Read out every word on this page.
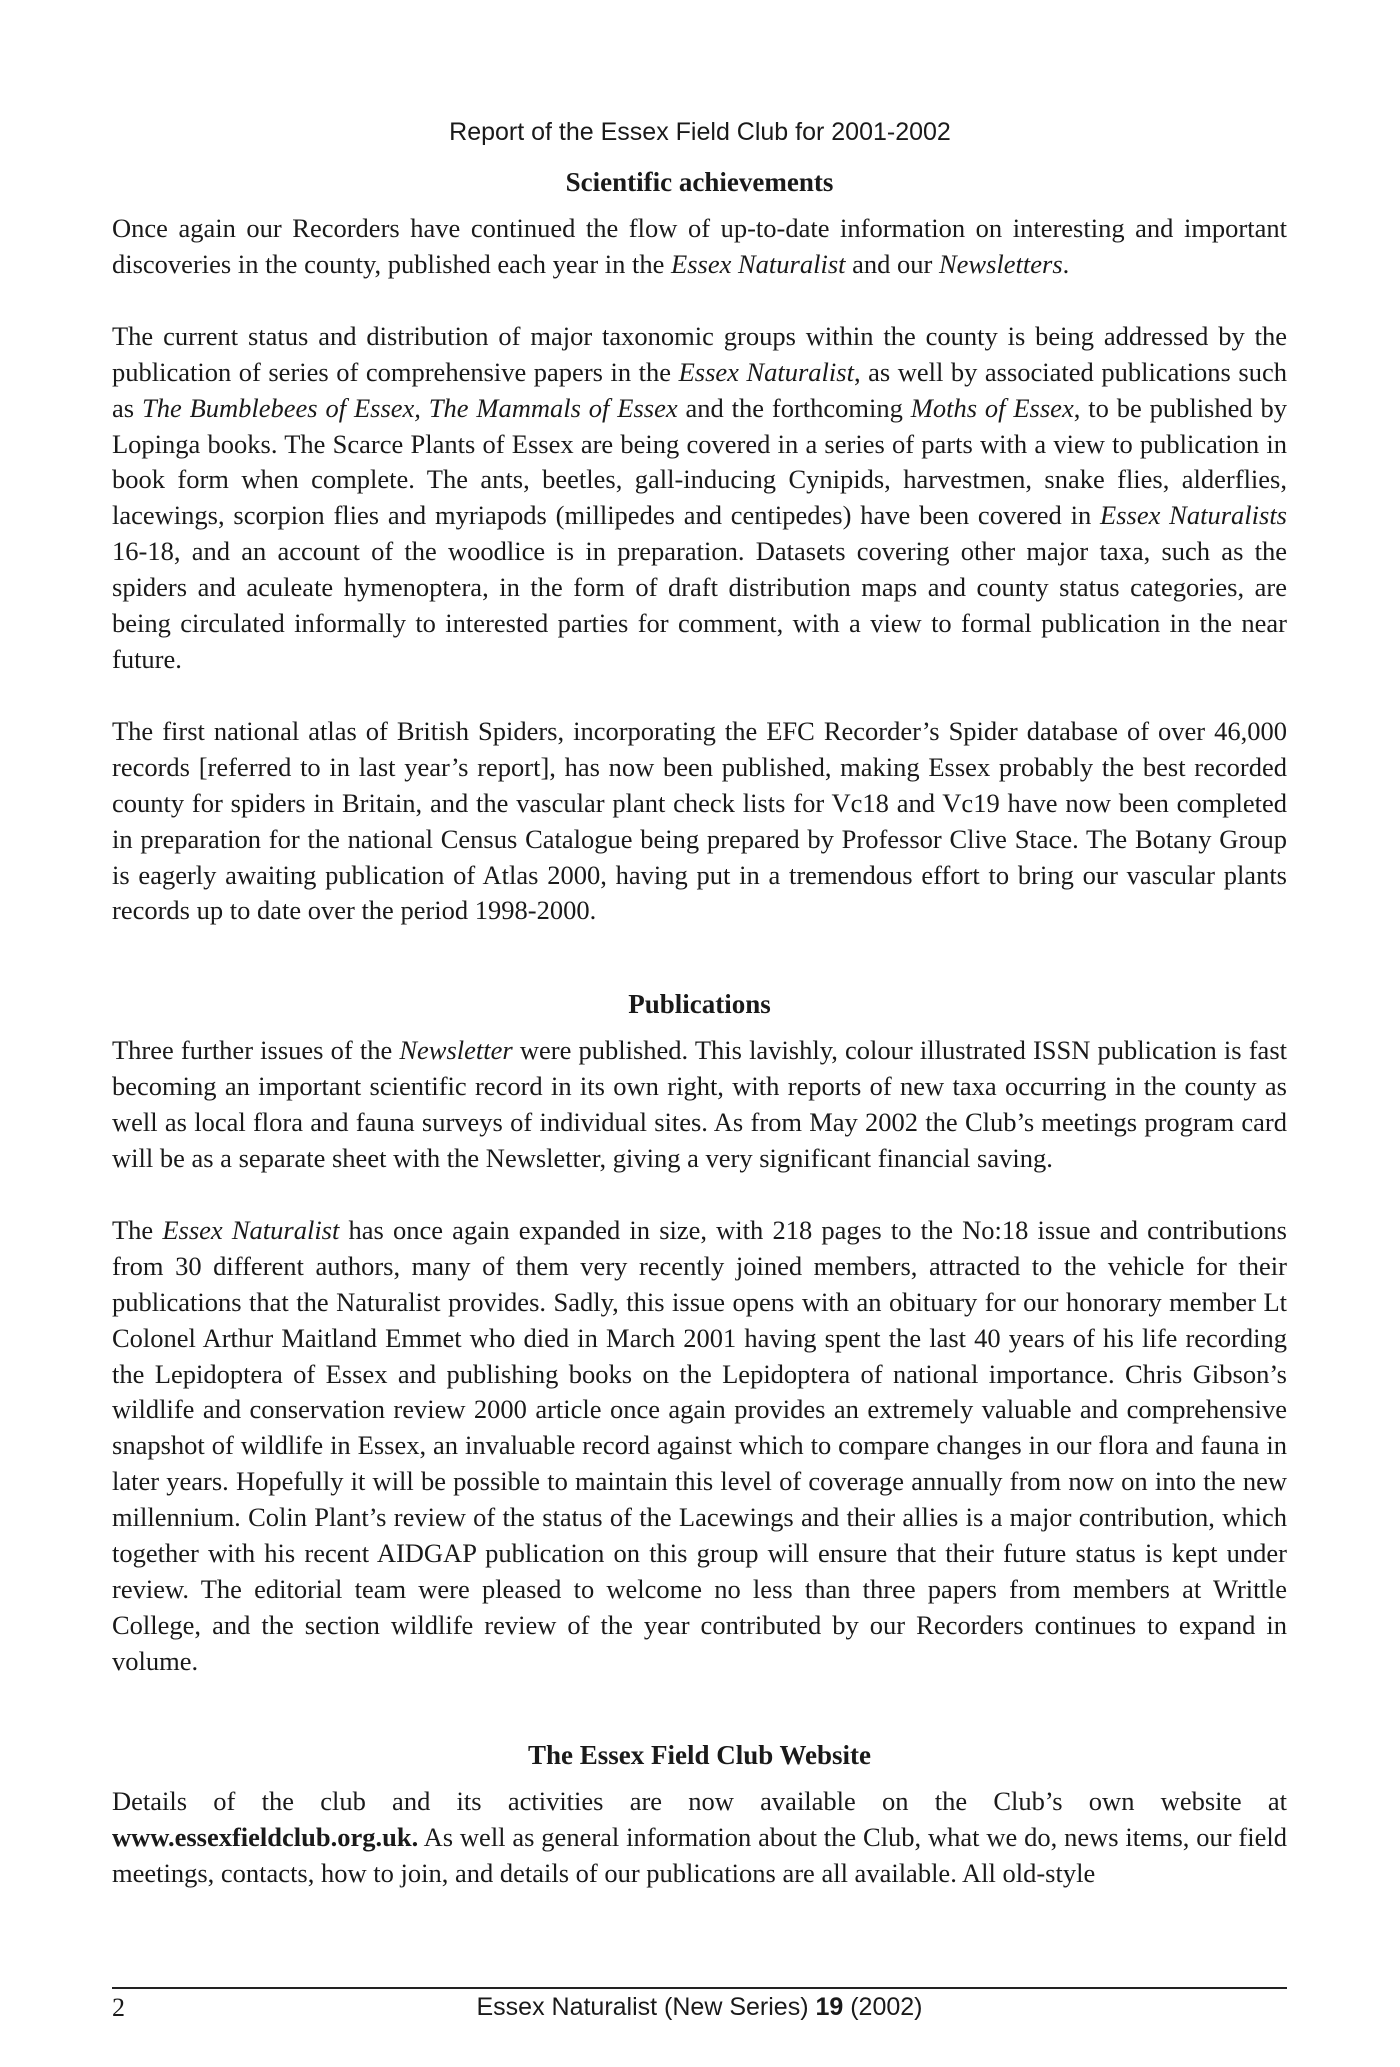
Report of the Essex Field Club for 2001-2002
Scientific achievements

Once again our Recorders have continued the flow of up-to-date information on interesting and important discoveries in the county, published each year in the Essex Naturalist and our Newsletters.

The current status and distribution of major taxonomic groups within the county is being addressed by the publication of series of comprehensive papers in the Essex Naturalist, as well by associated publications such as The Bumblebees of Essex, The Mammals of Essex and the forthcoming Moths of Essex, to be published by Lopinga books. The Scarce Plants of Essex are being covered in a series of parts with a view to publication in book form when complete. The ants, beetles, gall-inducing Cynipids, harvestmen, snake flies, alderflies, lacewings, scorpion flies and myriapods (millipedes and centipedes) have been covered in Essex Naturalists 16-18, and an account of the woodlice is in preparation. Datasets covering other major taxa, such as the spiders and aculeate hymenoptera, in the form of draft distribution maps and county status categories, are being circulated informally to interested parties for comment, with a view to formal publication in the near future.

The first national atlas of British Spiders, incorporating the EFC Recorder’s Spider database of over 46,000 records [referred to in last year’s report], has now been published, making Essex probably the best recorded county for spiders in Britain, and the vascular plant check lists for Vc18 and Vc19 have now been completed in preparation for the national Census Catalogue being prepared by Professor Clive Stace. The Botany Group is eagerly awaiting publication of Atlas 2000, having put in a tremendous effort to bring our vascular plants records up to date over the period 1998-2000.

Publications

Three further issues of the Newsletter were published. This lavishly, colour illustrated ISSN publication is fast becoming an important scientific record in its own right, with reports of new taxa occurring in the county as well as local flora and fauna surveys of individual sites. As from May 2002 the Club’s meetings program card will be as a separate sheet with the Newsletter, giving a very significant financial saving.

The Essex Naturalist has once again expanded in size, with 218 pages to the No:18 issue and contributions from 30 different authors, many of them very recently joined members, attracted to the vehicle for their publications that the Naturalist provides. Sadly, this issue opens with an obituary for our honorary member Lt Colonel Arthur Maitland Emmet who died in March 2001 having spent the last 40 years of his life recording the Lepidoptera of Essex and publishing books on the Lepidoptera of national importance. Chris Gibson’s wildlife and conservation review 2000 article once again provides an extremely valuable and comprehensive snapshot of wildlife in Essex, an invaluable record against which to compare changes in our flora and fauna in later years. Hopefully it will be possible to maintain this level of coverage annually from now on into the new millennium. Colin Plant’s review of the status of the Lacewings and their allies is a major contribution, which together with his recent AIDGAP publication on this group will ensure that their future status is kept under review. The editorial team were pleased to welcome no less than three papers from members at Writtle College, and the section wildlife review of the year contributed by our Recorders continues to expand in volume.

The Essex Field Club Website

Details of the club and its activities are now available on the Club’s own website at www.essexfieldclub.org.uk. As well as general information about the Club, what we do, news items, our field meetings, contacts, how to join, and details of our publications are all available. All old-style

2	Essex Naturalist (New Series) 19 (2002)
